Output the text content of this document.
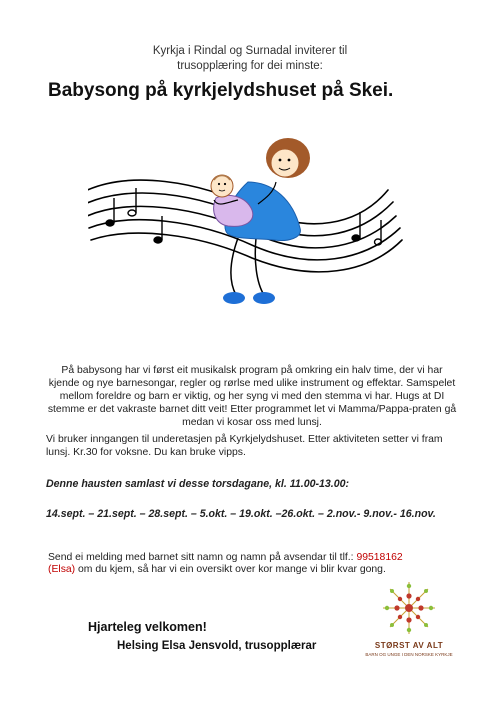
Kyrkja i Rindal og Surnadal inviterer til
trusopplæring for dei minste:
Babysong på kyrkjelydshuset på Skei.
På babysong har vi først eit musikalsk program på omkring ein halv time, der vi har kjende og nye barnesongar, regler og rørlse med ulike instrument og effektar. Samspelet mellom foreldre og barn er viktig, og her syng vi med den stemma vi har. Hugs at DI stemme er det vakraste barnet ditt veit! Etter programmet let vi Mamma/Pappa-praten gå medan vi kosar oss med lunsj.
Vi bruker inngangen til underetasjen på Kyrkjelydshuset. Etter aktiviteten setter vi fram lunsj. Kr.30 for voksne. Du kan bruke vipps.
Denne hausten samlast vi desse torsdagane, kl. 11.00-13.00:
14.sept. – 21.sept. – 28.sept. – 5.okt. – 19.okt. –26.okt. – 2.nov.- 9.nov.- 16.nov.
Send ei melding med barnet sitt namn og namn på avsendar til tlf.: 99518162 (Elsa) om du kjem, så har vi ein oversikt over kor mange vi blir kvar gong.
Hjarteleg velkomen!
Helsing Elsa Jensvold, trusopplærar	STØRST AV ALT
BARN OG UNGE I DEN NORSKE KYRKJE
